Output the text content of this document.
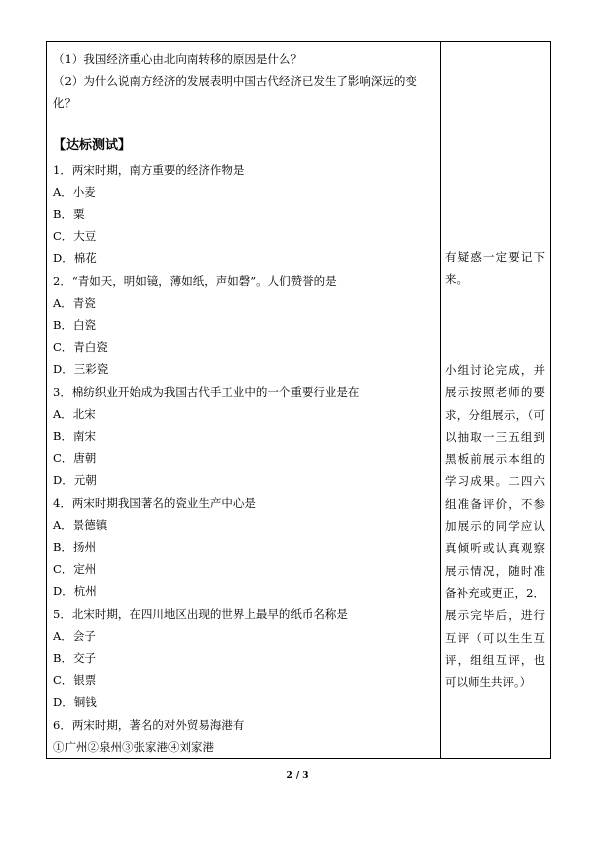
（1）我国经济重心由北向南转移的原因是什么？
（2）为什么说南方经济的发展表明中国古代经济已发生了影响深远的变化？
【达标测试】
1．两宋时期，南方重要的经济作物是
A．小麦
B．粟
C．大豆
D．棉花
2．“青如天，明如镜，薄如纸，声如磬”。人们赞誉的是
A．青瓷
B．白瓷
C．青白瓷
D．三彩瓷
3．棉纺织业开始成为我国古代手工业中的一个重要行业是在
A．北宋
B．南宋
C．唐朝
D．元朝
4．两宋时期我国著名的瓷业生产中心是
A．景德镇
B．扬州
C．定州
D．杭州
5．北宋时期，在四川地区出现的世界上最早的纸币名称是
A．会子
B．交子
C．银票
D．铜钱
6．两宋时期，著名的对外贸易海港有
①广州②泉州③张家港④刘家港
有疑惑一定要记下来。
小组讨论完成，并展示按照老师的要求，分组展示，（可以抽取一三五组到黑板前展示本组的学习成果。二四六组准备评价，不参加展示的同学应认真倾听或认真观察展示情况，随时准备补充或更正，2．展示完毕后，进行互评（可以生生互评，组组互评，也可以师生共评。）
2 / 3
